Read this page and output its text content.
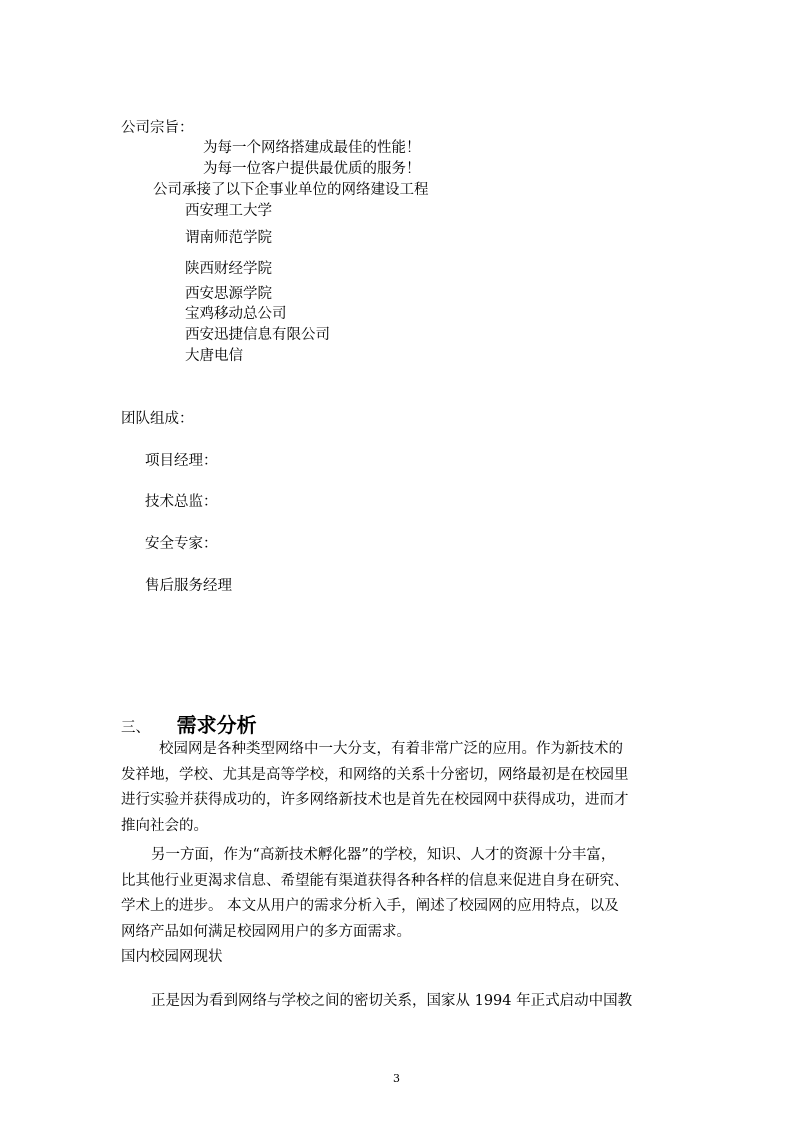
公司宗旨：
为每一个网络搭建成最佳的性能！
为每一位客户提供最优质的服务！
公司承接了以下企事业单位的网络建设工程
西安理工大学
谓南师范学院
陕西财经学院
西安思源学院
宝鸡移动总公司
西安迅捷信息有限公司
大唐电信
团队组成：
项目经理：
技术总监：
安全专家：
售后服务经理
三、 需求分析
校园网是各种类型网络中一大分支，有着非常广泛的应用。作为新技术的
发祥地，学校、尤其是高等学校，和网络的关系十分密切，网络最初是在校园里
进行实验并获得成功的，许多网络新技术也是首先在校园网中获得成功，进而才
推向社会的。
另一方面，作为“高新技术孵化器”的学校，知识、人才的资源十分丰富，
比其他行业更渴求信息、希望能有渠道获得各种各样的信息来促进自身在研究、
学术上的进步。 本文从用户的需求分析入手，阐述了校园网的应用特点，以及
网络产品如何满足校园网用户的多方面需求。
国内校园网现状
正是因为看到网络与学校之间的密切关系，国家从 1994 年正式启动中国教
3
